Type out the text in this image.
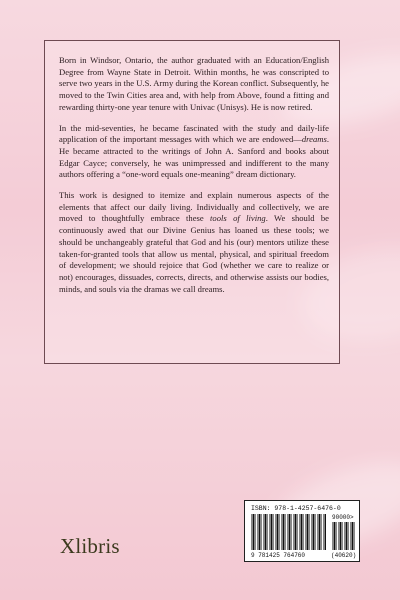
Born in Windsor, Ontario, the author graduated with an Education/English Degree from Wayne State in Detroit. Within months, he was conscripted to serve two years in the U.S. Army during the Korean conflict. Subsequently, he moved to the Twin Cities area and, with help from Above, found a fitting and rewarding thirty-one year tenure with Univac (Unisys). He is now retired.

In the mid-seventies, he became fascinated with the study and daily-life application of the important messages with which we are endowed—dreams. He became attracted to the writings of John A. Sanford and books about Edgar Cayce; conversely, he was unimpressed and indifferent to the many authors offering a “one-word equals one-meaning” dream dictionary.

This work is designed to itemize and explain numerous aspects of the elements that affect our daily living. Individually and collectively, we are moved to thoughtfully embrace these tools of living. We should be continuously awed that our Divine Genius has loaned us these tools; we should be unchangeably grateful that God and his (our) mentors utilize these taken-for-granted tools that allow us mental, physical, and spiritual freedom of development; we should rejoice that God (whether we care to realize or not) encourages, dissuades, corrects, directs, and otherwise assists our bodies, minds, and souls via the dramas we call dreams.

Xlibris
ISBN: 978-1-4257-6476-0
90000>
9 781425 764760	(40620)
